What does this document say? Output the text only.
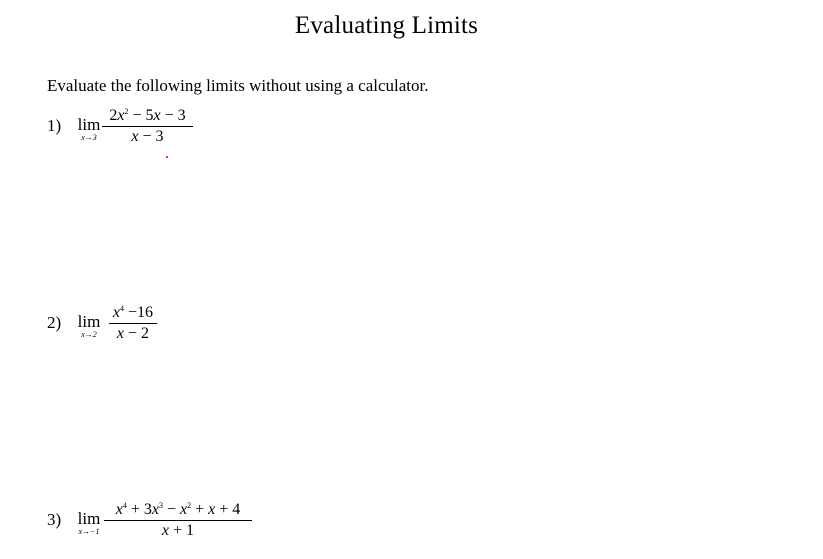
Evaluating Limits
Evaluate the following limits without using a calculator.
1) lim
x→3
$2x^2 - 5x - 3$
x − 3
2) lim
x→2
$x^4 -16$
x − 2
3) lim
x→−1
$x^4 + 3x^3 - x^2 + x + 4$
x + 1
